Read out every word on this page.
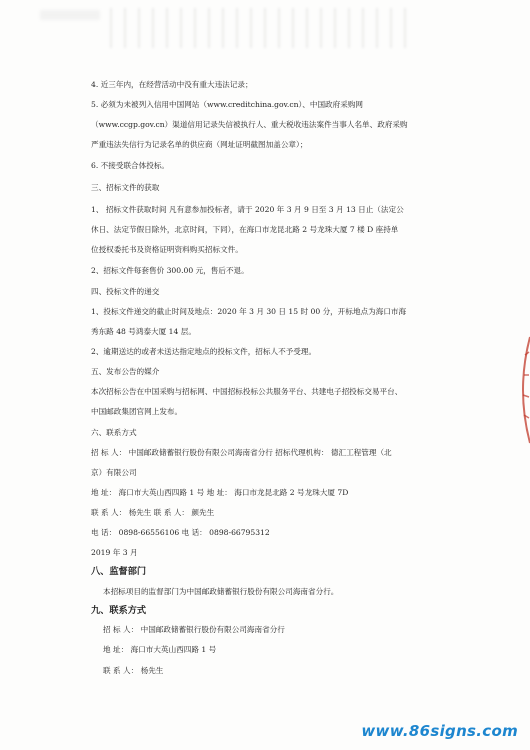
4. 近三年内，在经营活动中没有重大违法记录；
5. 必须为未被列入信用中国网站（www.creditchina.gov.cn）、中国政府采购网
（www.ccgp.gov.cn）渠道信用记录失信被执行人、重大税收违法案件当事人名单、政府采购
严重违法失信行为记录名单的供应商（网址证明截图加盖公章）；
6. 不接受联合体投标。
三、招标文件的获取
1、 招标文件获取时间 凡有意参加投标者，请于 2020 年 3 月 9 日至 3 月 13 日止（法定公
休日、法定节假日除外，北京时间，下同），在海口市龙昆北路 2 号龙珠大厦 7 楼 D 座持单
位授权委托书及资格证明资料购买招标文件。
2、招标文件每套售价 300.00 元，售后不退。
四、投标文件的递交
1、投标文件递交的截止时间及地点：2020 年 3 月 30 日 15 时 00 分，开标地点为海口市海
秀东路 48 号鸿泰大厦 14 层。
2、逾期送达的或者未送达指定地点的投标文件，招标人不予受理。
五、发布公告的媒介
本次招标公告在中国采购与招标网、中国招标投标公共服务平台、共建电子招投标交易平台、
中国邮政集团官网上发布。
六、联系方式
招 标 人： 中国邮政储蓄银行股份有限公司海南省分行 招标代理机构： 德汇工程管理（北
京）有限公司
地 址： 海口市大英山西四路 1 号 地 址： 海口市龙昆北路 2 号龙珠大厦 7D
联 系 人： 杨先生 联 系 人： 颜先生
电 话： 0898-66556106 电 话： 0898-66795312
2019 年 3 月
八、监督部门
本招标项目的监督部门为中国邮政储蓄银行股份有限公司海南省分行。
九、联系方式
招 标 人： 中国邮政储蓄银行股份有限公司海南省分行
地 址： 海口市大英山西四路 1 号
联 系 人： 杨先生
www.86signs.com
